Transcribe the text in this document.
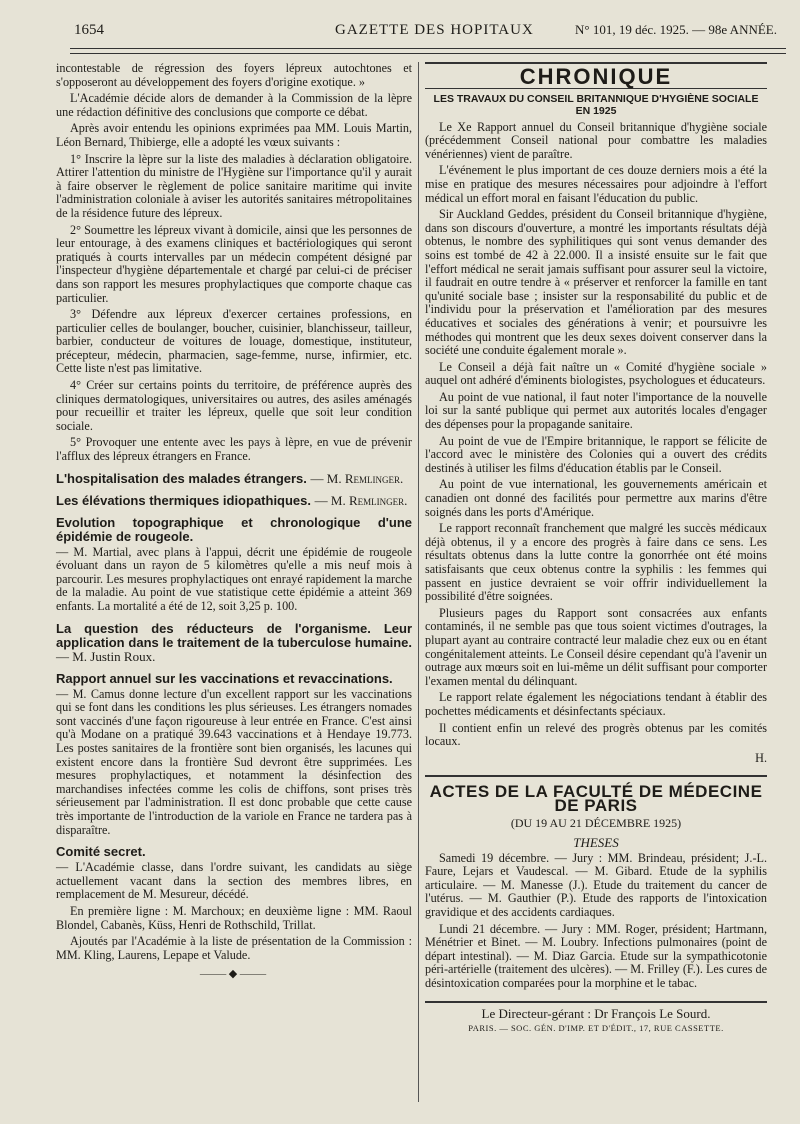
1654	GAZETTE DES HOPITAUX	N° 101, 19 déc. 1925. — 98e ANNÉE.

incontestable de régression des foyers lépreux autochtones et s'opposeront au développement des foyers d'origine exotique. »

L'Académie décide alors de demander à la Commission de la lèpre une rédaction définitive des conclusions que comporte ce débat.

Après avoir entendu les opinions exprimées paa MM. Louis Martin, Léon Bernard, Thibierge, elle a adopté les vœux suivants :

1° Inscrire la lèpre sur la liste des maladies à déclaration obligatoire. Attirer l'attention du ministre de l'Hygiène sur l'importance qu'il y aurait à faire observer le règlement de police sanitaire maritime qui invite l'administration coloniale à aviser les autorités sanitaires métropolitaines de la résidence future des lépreux.

2° Soumettre les lépreux vivant à domicile, ainsi que les personnes de leur entourage, à des examens cliniques et bactériologiques qui seront pratiqués à courts intervalles par un médecin compétent désigné par l'inspecteur d'hygiène départementale et chargé par celui-ci de préciser dans son rapport les mesures prophylactiques que comporte chaque cas particulier.

3° Défendre aux lépreux d'exercer certaines professions, en particulier celles de boulanger, boucher, cuisinier, blanchisseur, tailleur, barbier, conducteur de voitures de louage, domestique, instituteur, précepteur, médecin, pharmacien, sage-femme, nurse, infirmier, etc. Cette liste n'est pas limitative.

4° Créer sur certains points du territoire, de préférence auprès des cliniques dermatologiques, universitaires ou autres, des asiles aménagés pour recueillir et traiter les lépreux, quelle que soit leur condition sociale.

5° Provoquer une entente avec les pays à lèpre, en vue de prévenir l'afflux des lépreux étrangers en France.

L'hospitalisation des malades étrangers. — M. Remlinger.
Les élévations thermiques idiopathiques. — M. Remlinger.
Evolution topographique et chronologique d'une épidémie de rougeole.

— M. Martial, avec plans à l'appui, décrit une épidémie de rougeole évoluant dans un rayon de 5 kilomètres qu'elle a mis neuf mois à parcourir. Les mesures prophylactiques ont enrayé rapidement la marche de la maladie. Au point de vue statistique cette épidémie a atteint 369 enfants. La mortalité a été de 12, soit 3,25 p. 100.

La question des réducteurs de l'organisme. Leur application dans le traitement de la tuberculose humaine. — M. Justin Roux.
Rapport annuel sur les vaccinations et revaccinations.

— M. Camus donne lecture d'un excellent rapport sur les vaccinations qui se font dans les conditions les plus sérieuses. Les étrangers nomades sont vaccinés d'une façon rigoureuse à leur entrée en France. C'est ainsi qu'à Modane on a pratiqué 39.643 vaccinations et à Hendaye 19.773. Les postes sanitaires de la frontière sont bien organisés, les lacunes qui existent encore dans la frontière Sud devront être supprimées. Les mesures prophylactiques, et notamment la désinfection des marchandises infectées comme les colis de chiffons, sont prises très sérieusement par l'administration. Il est donc probable que cette cause très importante de l'introduction de la variole en France ne tardera pas à disparaître.

Comité secret.

— L'Académie classe, dans l'ordre suivant, les candidats au siège actuellement vacant dans la section des membres libres, en remplacement de M. Mesureur, décédé.

En première ligne : M. Marchoux; en deuxième ligne : MM. Raoul Blondel, Cabanès, Küss, Henri de Rothschild, Trillat.

Ajoutés par l'Académie à la liste de présentation de la Commission : MM. Kling, Laurens, Lepape et Valude.

⸻◆⸻
CHRONIQUE
LES TRAVAUX DU CONSEIL BRITANNIQUE D'HYGIÈNE SOCIALE EN 1925

Le Xe Rapport annuel du Conseil britannique d'hygiène sociale (précédemment Conseil national pour combattre les maladies vénériennes) vient de paraître.

L'événement le plus important de ces douze derniers mois a été la mise en pratique des mesures nécessaires pour adjoindre à l'effort médical un effort moral en faisant l'éducation du public.

Sir Auckland Geddes, président du Conseil britannique d'hygiène, dans son discours d'ouverture, a montré les importants résultats déjà obtenus, le nombre des syphilitiques qui sont venus demander des soins est tombé de 42 à 22.000. Il a insisté ensuite sur le fait que l'effort médical ne serait jamais suffisant pour assurer seul la victoire, il faudrait en outre tendre à « préserver et renforcer la famille en tant qu'unité sociale base ; insister sur la responsabilité du public et de l'individu pour la préservation et l'amélioration par des mesures éducatives et sociales des générations à venir; et poursuivre les méthodes qui montrent que les deux sexes doivent conserver dans la société une conduite également morale ».

Le Conseil a déjà fait naître un « Comité d'hygiène sociale » auquel ont adhéré d'éminents biologistes, psychologues et éducateurs.

Au point de vue national, il faut noter l'importance de la nouvelle loi sur la santé publique qui permet aux autorités locales d'engager des dépenses pour la propagande sanitaire.

Au point de vue de l'Empire britannique, le rapport se félicite de l'accord avec le ministère des Colonies qui a ouvert des crédits destinés à utiliser les films d'éducation établis par le Conseil.

Au point de vue international, les gouvernements américain et canadien ont donné des facilités pour permettre aux marins d'être soignés dans les ports d'Amérique.

Le rapport reconnaît franchement que malgré les succès médicaux déjà obtenus, il y a encore des progrès à faire dans ce sens. Les résultats obtenus dans la lutte contre la gonorrhée ont été moins satisfaisants que ceux obtenus contre la syphilis : les femmes qui passent en justice devraient se voir offrir individuellement la possibilité d'être soignées.

Plusieurs pages du Rapport sont consacrées aux enfants contaminés, il ne semble pas que tous soient victimes d'outrages, la plupart ayant au contraire contracté leur maladie chez eux ou en étant congénitalement atteints. Le Conseil désire cependant qu'à l'avenir un outrage aux mœurs soit en lui-même un délit suffisant pour comporter l'examen mental du délinquant.

Le rapport relate également les négociations tendant à établir des pochettes médicaments et désinfectants spéciaux.

Il contient enfin un relevé des progrès obtenus par les comités locaux.

H.
ACTES DE LA FACULTÉ DE MÉDECINE DE PARIS
(DU 19 AU 21 DÉCEMBRE 1925)
THESES

Samedi 19 décembre. — Jury : MM. Brindeau, président; J.-L. Faure, Lejars et Vaudescal. — M. Gibard. Etude de la syphilis articulaire. — M. Manesse (J.). Etude du traitement du cancer de l'utérus. — M. Gauthier (P.). Etude des rapports de l'intoxication gravidique et des accidents cardiaques.

Lundi 21 décembre. — Jury : MM. Roger, président; Hartmann, Ménétrier et Binet. — M. Loubry. Infections pulmonaires (point de départ intestinal). — M. Diaz Garcia. Etude sur la sympathicotonie péri-artérielle (traitement des ulcères). — M. Frilley (F.). Les cures de désintoxication comparées pour la morphine et le tabac.

Le Directeur-gérant : Dr François Le Sourd.
PARIS. — SOC. GÉN. D'IMP. ET D'ÉDIT., 17, RUE CASSETTE.
